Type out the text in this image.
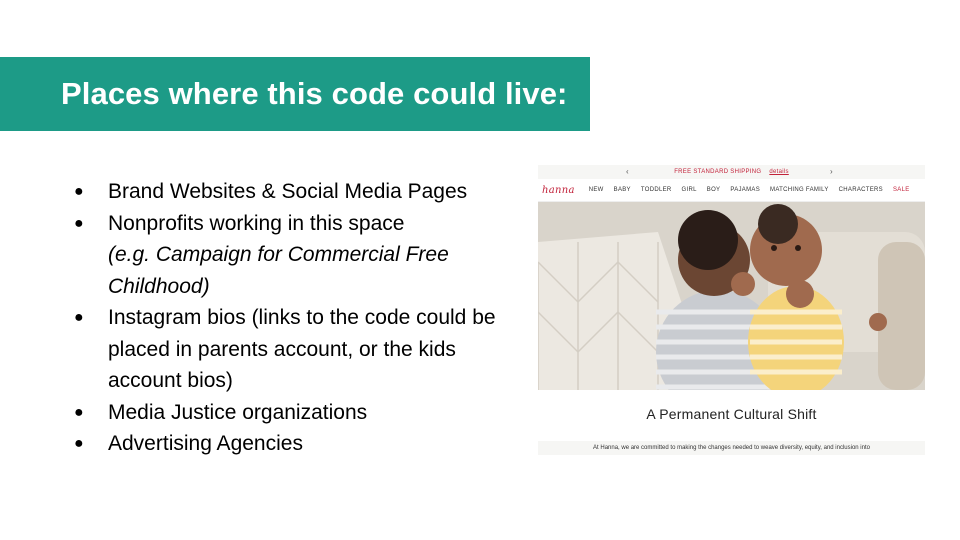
Places where this code could live:
● Brand Websites & Social Media Pages
● Nonprofits working in this space
(e.g. Campaign for Commercial Free Childhood)
● Instagram bios (links to the code could be placed in parents account, or the kids account bios)
● Media Justice organizations
● Advertising Agencies
‹	FREE STANDARD SHIPPING details	›
hanna NEW BABY TODDLER GIRL BOY PAJAMAS MATCHING FAMILY CHARACTERS SALE
A Permanent Cultural Shift
At Hanna, we are committed to making the changes needed to weave diversity, equity, and inclusion into
